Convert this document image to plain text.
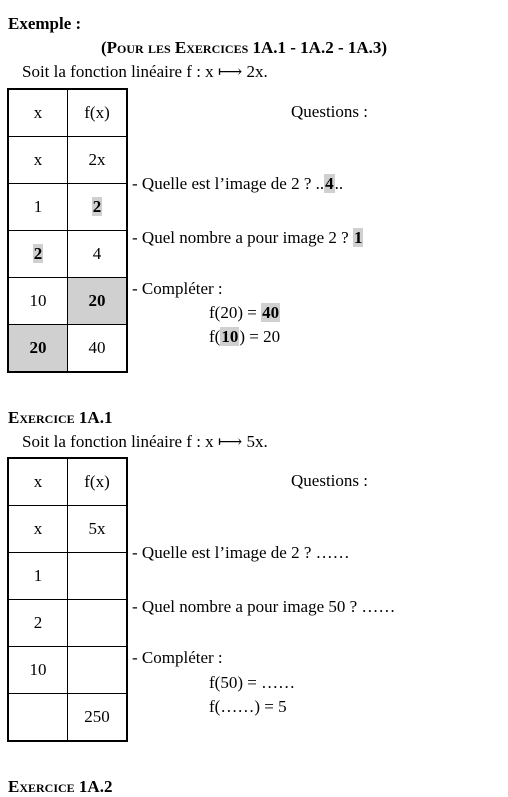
Exemple :
(Pour les Exercices 1A.1 - 1A.2 - 1A.3)
Soit la fonction linéaire f : x ⟼ 2x.
x	f(x)
x	2x
1	2
2	4
10	20
20	40
Questions :
- Quelle est l’image de 2 ? ..4..
- Quel nombre a pour image 2 ? 1
- Compléter :
f(20) = 40
f(10) = 20
Exercice 1A.1
Soit la fonction linéaire f : x ⟼ 5x.
x	f(x)
x	5x
1	
2	
10	
	250
Questions :
- Quelle est l’image de 2 ? ……
- Quel nombre a pour image 50 ? ……
- Compléter :
f(50) = ……
f(……) = 5
Exercice 1A.2
